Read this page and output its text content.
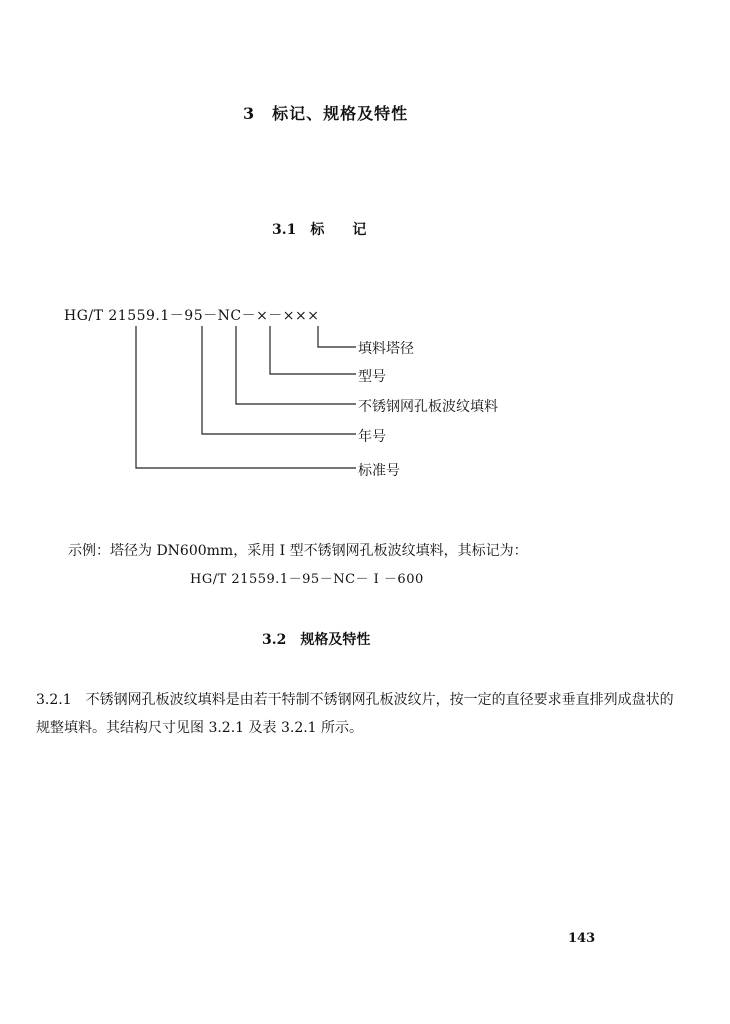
3　标记、规格及特性
3.1　标　　记
HG/T 21559.1－95－NC－×－×××
填料塔径
型号
不锈钢网孔板波纹填料
年号
标准号
示例：塔径为 DN600mm，采用 Ⅰ 型不锈钢网孔板波纹填料，其标记为：
HG/T 21559.1－95－NC－ Ⅰ －600
3.2　规格及特性
3.2.1　不锈钢网孔板波纹填料是由若干特制不锈钢网孔板波纹片，按一定的直径要求垂直排列成盘状的规整填料。其结构尺寸见图 3.2.1 及表 3.2.1 所示。
143
